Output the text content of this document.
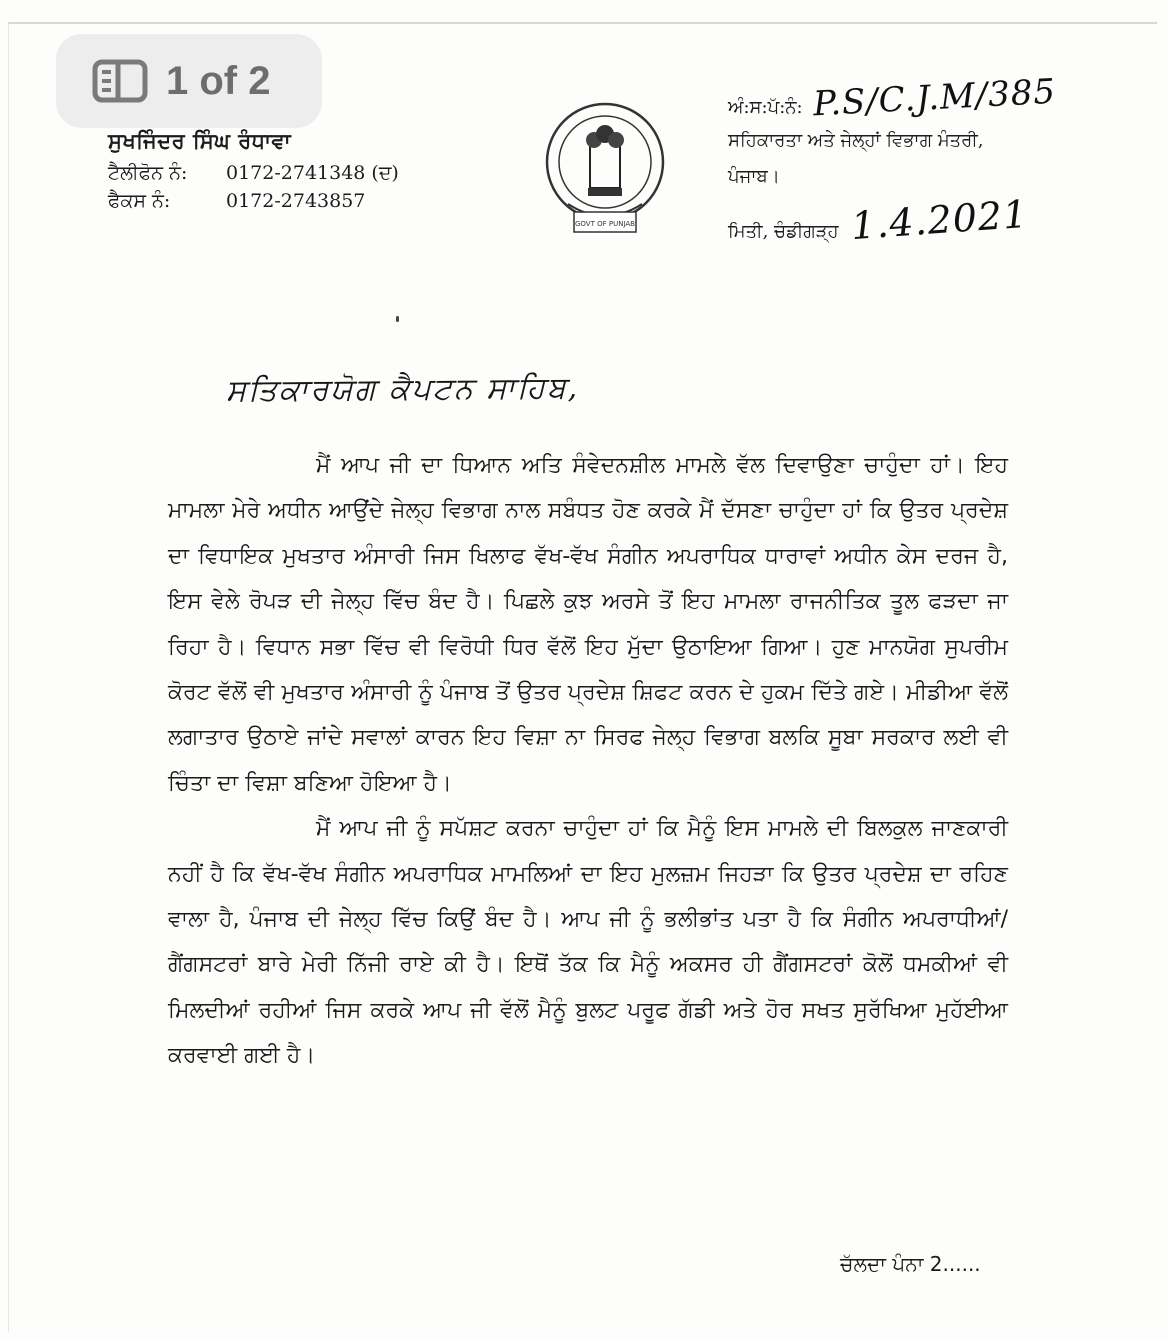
1 of 2
ਸੁਖਜਿੰਦਰ ਸਿੰਘ ਰੰਧਾਵਾ
ਟੈਲੀਫੋਨ ਨੰ:	0172-2741348 (ਦ)
ਫੈਕਸ ਨੰ:	0172-2743857
GOVT OF PUNJAB
ਅੰ:ਸ:ਪੱ:ਨੰ: P.S/C.J.M/385
ਸਹਿਕਾਰਤਾ ਅਤੇ ਜੇਲ੍ਹਾਂ ਵਿਭਾਗ ਮੰਤਰੀ,
ਪੰਜਾਬ।
ਮਿਤੀ, ਚੰਡੀਗੜ੍ਹ 1.4.2021
ਸਤਿਕਾਰਯੋਗ ਕੈਪਟਨ ਸਾਹਿਬ,

ਮੈਂ ਆਪ ਜੀ ਦਾ ਧਿਆਨ ਅਤਿ ਸੰਵੇਦਨਸ਼ੀਲ ਮਾਮਲੇ ਵੱਲ ਦਿਵਾਉਣਾ ਚਾਹੁੰਦਾ ਹਾਂ। ਇਹ ਮਾਮਲਾ ਮੇਰੇ ਅਧੀਨ ਆਉਂਦੇ ਜੇਲ੍ਹ ਵਿਭਾਗ ਨਾਲ ਸਬੰਧਤ ਹੋਣ ਕਰਕੇ ਮੈਂ ਦੱਸਣਾ ਚਾਹੁੰਦਾ ਹਾਂ ਕਿ ਉਤਰ ਪ੍ਰਦੇਸ਼ ਦਾ ਵਿਧਾਇਕ ਮੁਖਤਾਰ ਅੰਸਾਰੀ ਜਿਸ ਖਿਲਾਫ ਵੱਖ-ਵੱਖ ਸੰਗੀਨ ਅਪਰਾਧਿਕ ਧਾਰਾਵਾਂ ਅਧੀਨ ਕੇਸ ਦਰਜ ਹੈ, ਇਸ ਵੇਲੇ ਰੋਪੜ ਦੀ ਜੇਲ੍ਹ ਵਿੱਚ ਬੰਦ ਹੈ। ਪਿਛਲੇ ਕੁਝ ਅਰਸੇ ਤੋਂ ਇਹ ਮਾਮਲਾ ਰਾਜਨੀਤਿਕ ਤੂਲ ਫੜਦਾ ਜਾ ਰਿਹਾ ਹੈ। ਵਿਧਾਨ ਸਭਾ ਵਿੱਚ ਵੀ ਵਿਰੋਧੀ ਧਿਰ ਵੱਲੋਂ ਇਹ ਮੁੱਦਾ ਉਠਾਇਆ ਗਿਆ। ਹੁਣ ਮਾਨਯੋਗ ਸੁਪਰੀਮ ਕੋਰਟ ਵੱਲੋਂ ਵੀ ਮੁਖਤਾਰ ਅੰਸਾਰੀ ਨੂੰ ਪੰਜਾਬ ਤੋਂ ਉਤਰ ਪ੍ਰਦੇਸ਼ ਸ਼ਿਫਟ ਕਰਨ ਦੇ ਹੁਕਮ ਦਿੱਤੇ ਗਏ। ਮੀਡੀਆ ਵੱਲੋਂ ਲਗਾਤਾਰ ਉਠਾਏ ਜਾਂਦੇ ਸਵਾਲਾਂ ਕਾਰਨ ਇਹ ਵਿਸ਼ਾ ਨਾ ਸਿਰਫ ਜੇਲ੍ਹ ਵਿਭਾਗ ਬਲਕਿ ਸੂਬਾ ਸਰਕਾਰ ਲਈ ਵੀ ਚਿੰਤਾ ਦਾ ਵਿਸ਼ਾ ਬਣਿਆ ਹੋਇਆ ਹੈ।

ਮੈਂ ਆਪ ਜੀ ਨੂੰ ਸਪੱਸ਼ਟ ਕਰਨਾ ਚਾਹੁੰਦਾ ਹਾਂ ਕਿ ਮੈਨੂੰ ਇਸ ਮਾਮਲੇ ਦੀ ਬਿਲਕੁਲ ਜਾਣਕਾਰੀ ਨਹੀਂ ਹੈ ਕਿ ਵੱਖ-ਵੱਖ ਸੰਗੀਨ ਅਪਰਾਧਿਕ ਮਾਮਲਿਆਂ ਦਾ ਇਹ ਮੁਲਜ਼ਮ ਜਿਹੜਾ ਕਿ ਉਤਰ ਪ੍ਰਦੇਸ਼ ਦਾ ਰਹਿਣ ਵਾਲਾ ਹੈ, ਪੰਜਾਬ ਦੀ ਜੇਲ੍ਹ ਵਿੱਚ ਕਿਉਂ ਬੰਦ ਹੈ। ਆਪ ਜੀ ਨੂੰ ਭਲੀਭਾਂਤ ਪਤਾ ਹੈ ਕਿ ਸੰਗੀਨ ਅਪਰਾਧੀਆਂ/ਗੈਂਗਸਟਰਾਂ ਬਾਰੇ ਮੇਰੀ ਨਿੱਜੀ ਰਾਏ ਕੀ ਹੈ। ਇਥੋਂ ਤੱਕ ਕਿ ਮੈਨੂੰ ਅਕਸਰ ਹੀ ਗੈਂਗਸਟਰਾਂ ਕੋਲੋਂ ਧਮਕੀਆਂ ਵੀ ਮਿਲਦੀਆਂ ਰਹੀਆਂ ਜਿਸ ਕਰਕੇ ਆਪ ਜੀ ਵੱਲੋਂ ਮੈਨੂੰ ਬੁਲਟ ਪਰੂਫ ਗੱਡੀ ਅਤੇ ਹੋਰ ਸਖਤ ਸੁਰੱਖਿਆ ਮੁਹੱਈਆ ਕਰਵਾਈ ਗਈ ਹੈ।

ਚੱਲਦਾ ਪੰਨਾ 2......
